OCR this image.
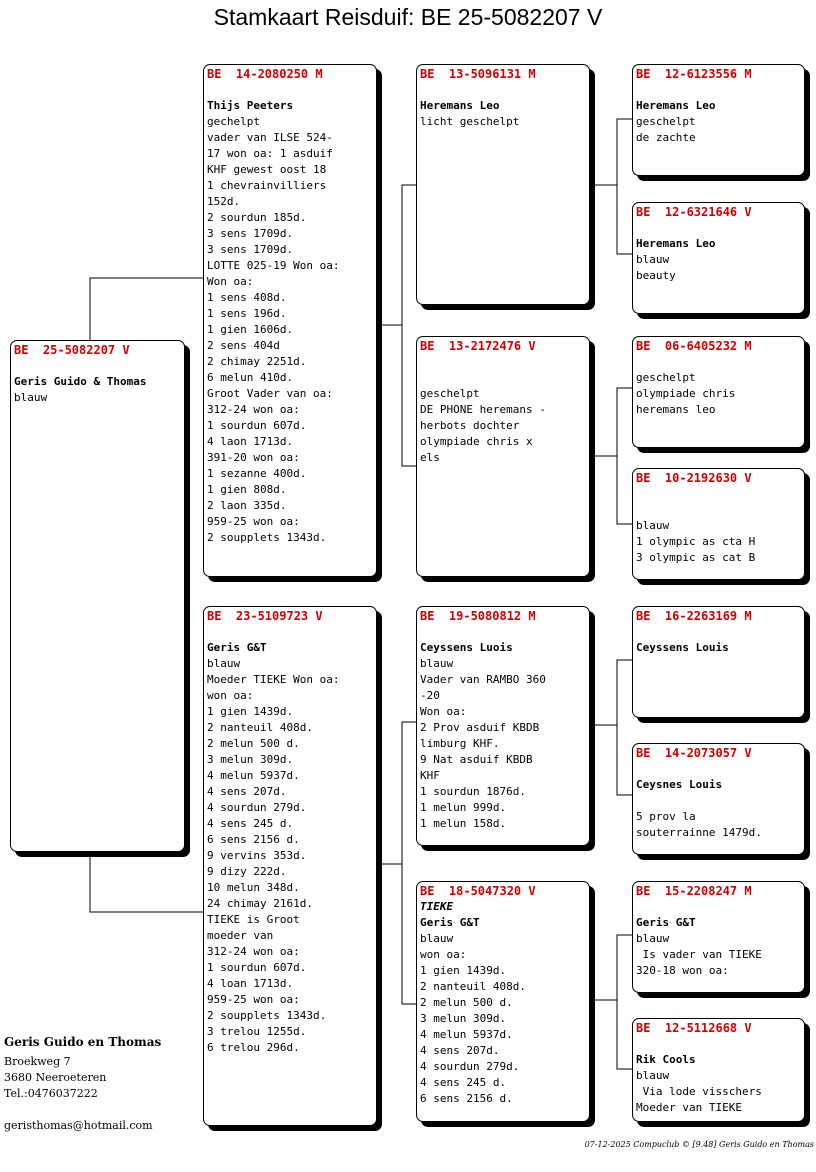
Stamkaart Reisduif: BE 25-5082207 V
BE  25-5082207 V
Geris Guido & Thomas
blauw
BE  14-2080250 M
Thijs Peeters
gechelpt
vader van ILSE 524-
17 won oa: 1 asduif
KHF gewest oost 18
1 chevrainvilliers
152d.
2 sourdun 185d.
3 sens 1709d.
3 sens 1709d.
LOTTE 025-19 Won oa:
Won oa:
1 sens 408d.
1 sens 196d.
1 gien 1606d.
2 sens 404d
2 chimay 2251d.
6 melun 410d.
Groot Vader van oa:
312-24 won oa:
1 sourdun 607d.
4 laon 1713d.
391-20 won oa:
1 sezanne 400d.
1 gien 808d.
2 laon 335d.
959-25 won oa:
2 soupplets 1343d.
BE  23-5109723 V
Geris G&T
blauw
Moeder TIEKE Won oa:
won oa:
1 gien 1439d.
2 nanteuil 408d.
2 melun 500 d.
3 melun 309d.
4 melun 5937d.
4 sens 207d.
4 sourdun 279d.
4 sens 245 d.
6 sens 2156 d.
9 vervins 353d.
9 dizy 222d.
10 melun 348d.
24 chimay 2161d.
TIEKE is Groot
moeder van
312-24 won oa:
1 sourdun 607d.
4 loan 1713d.
959-25 won oa:
2 soupplets 1343d.
3 trelou 1255d.
6 trelou 296d.
BE  13-5096131 M
Heremans Leo
licht geschelpt
BE  13-2172476 V
geschelpt
DE PHONE heremans -
herbots dochter
olympiade chris x
els
BE  19-5080812 M
Ceyssens Luois
blauw
Vader van RAMBO 360
-20
Won oa:
2 Prov asduif KBDB
limburg KHF.
9 Nat asduif KBDB
KHF
1 sourdun 1876d.
1 melun 999d.
1 melun 158d.
BE  18-5047320 V
TIEKE
Geris G&T
blauw
won oa:
1 gien 1439d.
2 nanteuil 408d.
2 melun 500 d.
3 melun 309d.
4 melun 5937d.
4 sens 207d.
4 sourdun 279d.
4 sens 245 d.
6 sens 2156 d.
BE  12-6123556 M
Heremans Leo
geschelpt
de zachte
BE  12-6321646 V
Heremans Leo
blauw
beauty
BE  06-6405232 M
geschelpt
olympiade chris
heremans leo
BE  10-2192630 V
blauw
1 olympic as cta H
3 olympic as cat B
BE  16-2263169 M
Ceyssens Louis
BE  14-2073057 V
Ceysnes Louis
5 prov la
souterrainne 1479d.
BE  15-2208247 M
Geris G&T
blauw
Is vader van TIEKE
320-18 won oa:
BE  12-5112668 V
Rik Cools
blauw
Via lode visschers
Moeder van TIEKE
Geris Guido en Thomas
Broekweg 7
3680 Neeroeteren
Tel.:0476037222
geristhomas@hotmail.com
07-12-2025 Compuclub © [9.48] Geris Guido en Thomas
